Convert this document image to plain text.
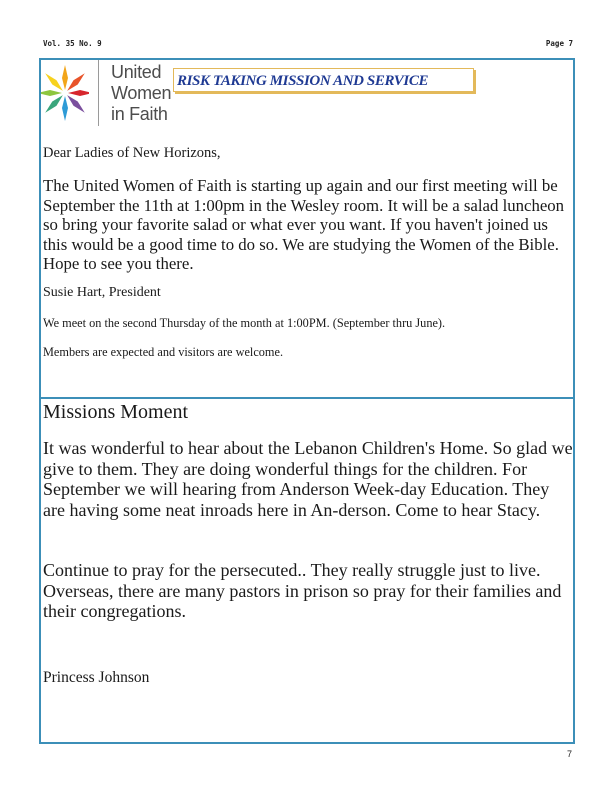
Vol. 35 No. 9	Page 7
United
Women
in Faith
RISK TAKING MISSION AND SERVICE

Dear Ladies of New Horizons,

The United Women of Faith is starting up again and our first meeting will be September the 11th at 1:00pm in the Wesley room. It will be a salad luncheon so bring your favorite salad or what ever you want. If you haven't joined us this would be a good time to do so. We are studying the Women of the Bible. Hope to see you there.

Susie Hart, President

We meet on the second Thursday of the month at 1:00PM. (September thru June).

Members are expected and visitors are welcome.

Missions Moment

It was wonderful to hear about the Lebanon Children's Home. So glad we give to them. They are doing wonderful things for the children. For September we will hearing from Anderson Week-day Education. They are having some neat inroads here in An-derson. Come to hear Stacy.

Continue to pray for the persecuted.. They really struggle just to live. Overseas, there are many pastors in prison so pray for their families and their congregations.

Princess Johnson

7
